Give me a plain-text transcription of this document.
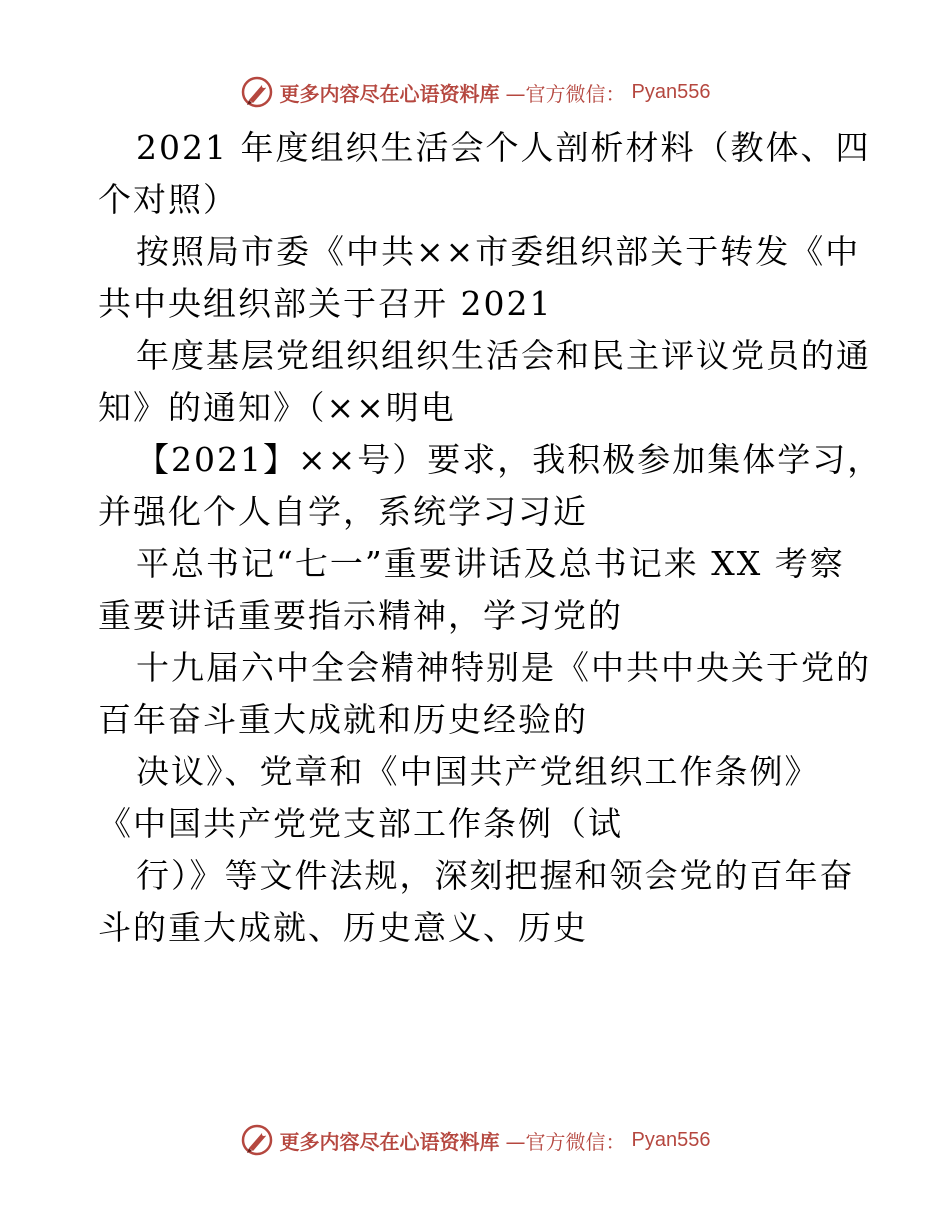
更多内容尽在心语资料库 —官方微信： Pyan556

2021 年度组织生活会个人剖析材料（教体、四

个对照）

按照局市委《中共××市委组织部关于转发《中

共中央组织部关于召开 2021

年度基层党组织组织生活会和民主评议党员的通

知》的通知》（××明电

【2021】××号）要求，我积极参加集体学习，

并强化个人自学，系统学习习近

平总书记“七一”重要讲话及总书记来 XX 考察

重要讲话重要指示精神，学习党的

十九届六中全会精神特别是《中共中央关于党的

百年奋斗重大成就和历史经验的

决议》、党章和《中国共产党组织工作条例》

《中国共产党党支部工作条例（试

行）》等文件法规，深刻把握和领会党的百年奋

斗的重大成就、历史意义、历史

更多内容尽在心语资料库 —官方微信： Pyan556
